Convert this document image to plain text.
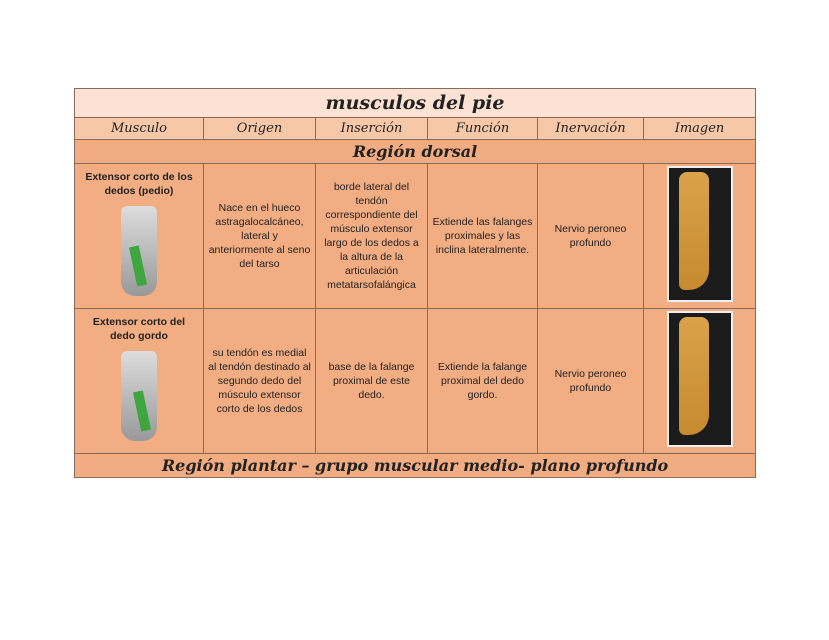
musculos del pie					
Musculo	Origen	Inserción	Función	Inervación	Imagen
Región dorsal					

Extensor corto de los dedos (pedio)	Nace en el hueco astragalocalcáneo, lateral y anteriormente al seno del tarso	borde lateral del tendón correspondiente del músculo extensor largo de los dedos a la altura de la articulación metatarsofalángica	Extiende las falanges proximales y las inclina lateralmente.	Nervio peroneo profundo	

Extensor corto del dedo gordo	su tendón es medial al tendón destinado al segundo dedo del músculo extensor corto de los dedos	base de la falange proximal de este dedo.	Extiende la falange proximal del dedo gordo.	Nervio peroneo profundo	

Región plantar – grupo muscular medio- plano profundo					
